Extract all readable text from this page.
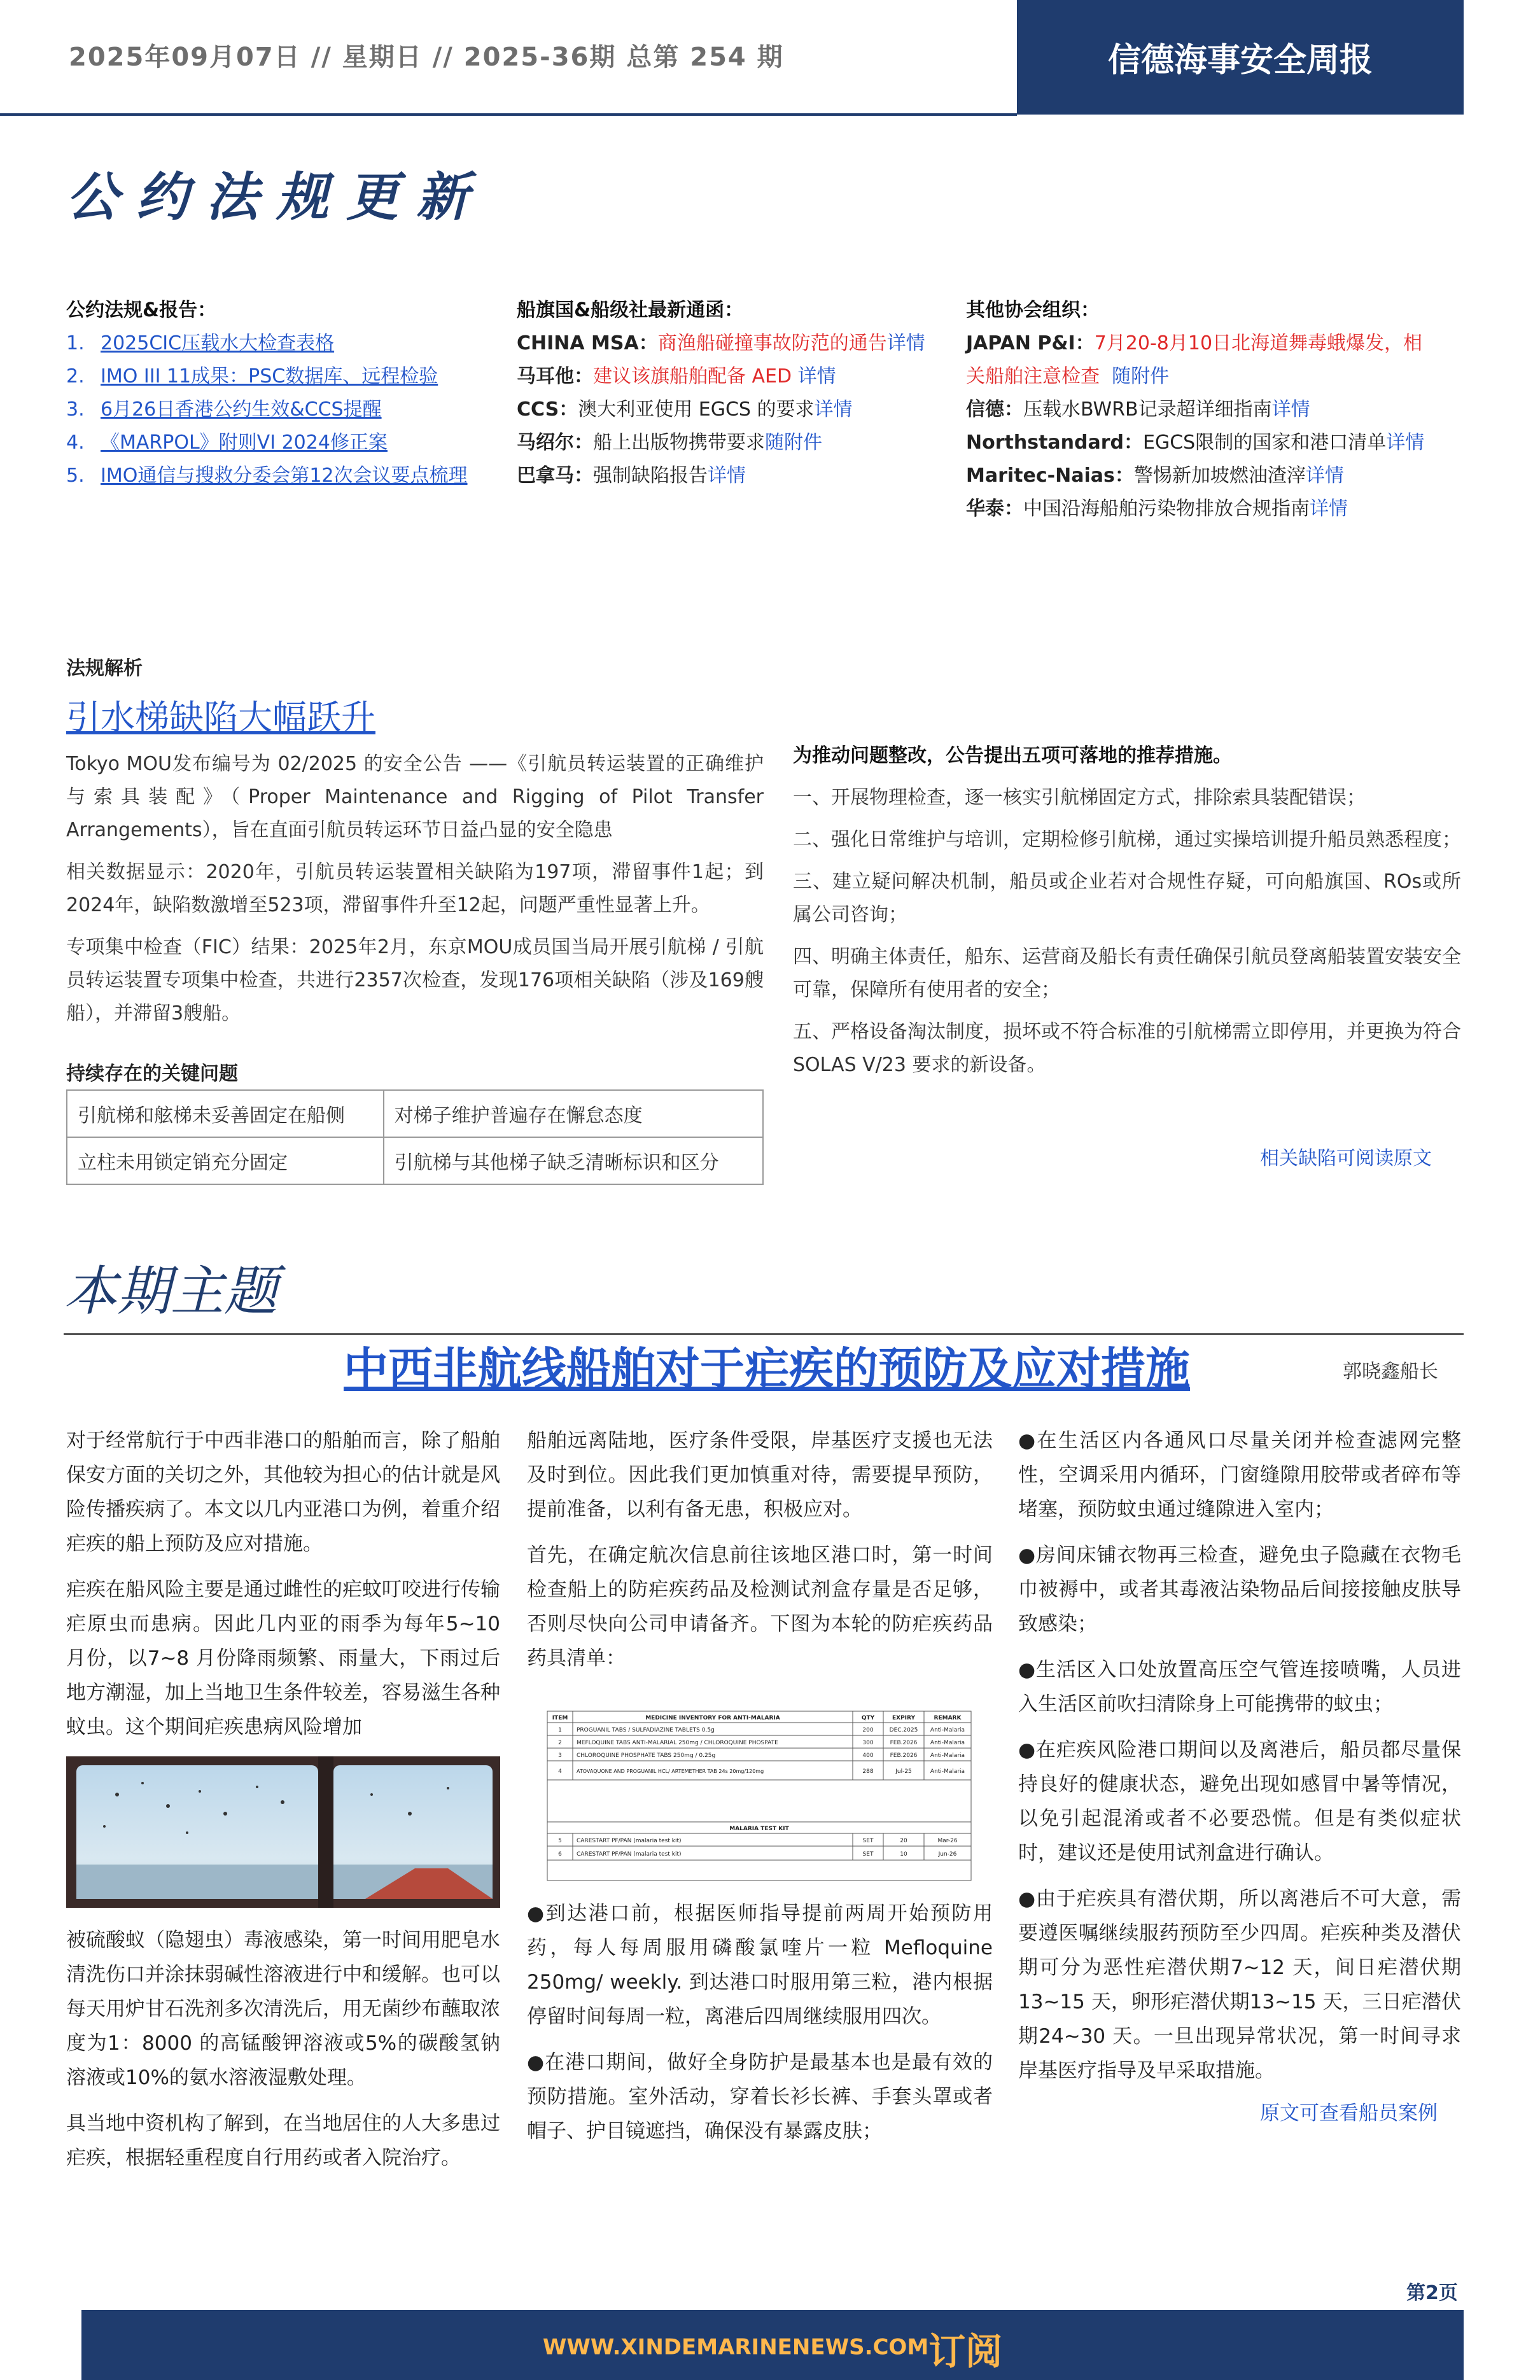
2025年09月07日 // 星期日 // 2025-36期 总第 254 期	信德海事安全周报
公约法规更新
公约法规&报告：
1. 2025CIC压载水大检查表格
2. IMO III 11成果：PSC数据库、远程检验
3. 6月26日香港公约生效&CCS提醒
4. 《MARPOL》附则VI 2024修正案
5. IMO通信与搜救分委会第12次会议要点梳理
船旗国&船级社最新通函：
CHINA MSA：商渔船碰撞事故防范的通告详情
马耳他：建议该旗船舶配备 AED 详情
CCS：澳大利亚使用 EGCS 的要求详情
马绍尔：船上出版物携带要求随附件
巴拿马：强制缺陷报告详情
其他协会组织：
JAPAN P&I：7月20-8月10日北海道舞毒蛾爆发，相
关船舶注意检查 随附件
信德：压载水BWRB记录超详细指南详情
Northstandard：EGCS限制的国家和港口清单详情
Maritec-Naias：警惕新加坡燃油渣滓详情
华泰：中国沿海船舶污染物排放合规指南详情
法规解析
引水梯缺陷大幅跃升

Tokyo MOU发布编号为 02/2025 的安全公告 ——《引航员转运装置的正确维护与索具装配》（Proper Maintenance and Rigging of Pilot Transfer Arrangements），旨在直面引航员转运环节日益凸显的安全隐患

相关数据显示：2020年，引航员转运装置相关缺陷为197项，滞留事件1起；到2024年，缺陷数激增至523项，滞留事件升至12起，问题严重性显著上升。

专项集中检查（FIC）结果：2025年2月，东京MOU成员国当局开展引航梯 / 引航员转运装置专项集中检查，共进行2357次检查，发现176项相关缺陷（涉及169艘船），并滞留3艘船。

持续存在的关键问题
引航梯和舷梯未妥善固定在船侧	对梯子维护普遍存在懈怠态度
立柱未用锁定销充分固定	引航梯与其他梯子缺乏清晰标识和区分
为推动问题整改，公告提出五项可落地的推荐措施。

一、开展物理检查，逐一核实引航梯固定方式，排除索具装配错误；

二、强化日常维护与培训，定期检修引航梯，通过实操培训提升船员熟悉程度；

三、建立疑问解决机制，船员或企业若对合规性存疑，可向船旗国、ROs或所属公司咨询；

四、明确主体责任，船东、运营商及船长有责任确保引航员登离船装置安装安全可靠，保障所有使用者的安全；

五、严格设备淘汰制度，损坏或不符合标准的引航梯需立即停用，并更换为符合 SOLAS V/23 要求的新设备。

相关缺陷可阅读原文
本期主题
中西非航线船舶对于疟疾的预防及应对措施	郭晓鑫船长

对于经常航行于中西非港口的船舶而言，除了船舶保安方面的关切之外，其他较为担心的估计就是风险传播疾病了。本文以几内亚港口为例，着重介绍疟疾的船上预防及应对措施。

疟疾在船风险主要是通过雌性的疟蚊叮咬进行传输疟原虫而患病。因此几内亚的雨季为每年5~10 月份，以7~8 月份降雨频繁、雨量大，下雨过后地方潮湿，加上当地卫生条件较差，容易滋生各种蚊虫。这个期间疟疾患病风险增加

被硫酸蚁（隐翅虫）毒液感染，第一时间用肥皂水清洗伤口并涂抹弱碱性溶液进行中和缓解。也可以每天用炉甘石洗剂多次清洗后，用无菌纱布蘸取浓度为1：8000 的高锰酸钾溶液或5%的碳酸氢钠溶液或10%的氨水溶液湿敷处理。

具当地中资机构了解到，在当地居住的人大多患过疟疾，根据轻重程度自行用药或者入院治疗。

船舶远离陆地，医疗条件受限，岸基医疗支援也无法及时到位。因此我们更加慎重对待，需要提早预防，提前准备，以利有备无患，积极应对。

首先，在确定航次信息前往该地区港口时，第一时间检查船上的防疟疾药品及检测试剂盒存量是否足够，否则尽快向公司申请备齐。下图为本轮的防疟疾药品药具清单：

ITEM	MEDICINE INVENTORY FOR ANTI-MALARIA	QTY	EXPIRY	REMARK
1	PROGUANIL TABS / SULFADIAZINE TABLETS 0.5g	200	DEC.2025 Anti-Malaria
2	MEFLOQUINE TABS ANTI-MALARIAL 250mg / CHLOROQUINE PHOSPATE	300	FEB.2026 Anti-Malaria
3	CHLOROQUINE PHOSPHATE TABS 250mg / 0.25g	400	FEB.2026 Anti-Malaria
4	ATOVAQUONE AND PROGUANIL HCL/ ARTEMETHER TAB 24s 20mg/120mg	288	Jul-25	Anti-Malaria
MALARIA TEST KIT
5	CARESTART PF/PAN (malaria test kit)	SET	20	Mar-26
6	CARESTART PF/PAN (malaria test kit)	SET	10	Jun-26

●到达港口前，根据医师指导提前两周开始预防用药，每人每周服用磷酸氯喹片一粒 Mefloquine 250mg/ weekly. 到达港口时服用第三粒，港内根据停留时间每周一粒，离港后四周继续服用四次。

●在港口期间，做好全身防护是最基本也是最有效的预防措施。室外活动，穿着长衫长裤、手套头罩或者帽子、护目镜遮挡，确保没有暴露皮肤；

●在生活区内各通风口尽量关闭并检查滤网完整性，空调采用内循环，门窗缝隙用胶带或者碎布等堵塞，预防蚊虫通过缝隙进入室内；

●房间床铺衣物再三检查，避免虫子隐藏在衣物毛巾被褥中，或者其毒液沾染物品后间接接触皮肤导致感染；

●生活区入口处放置高压空气管连接喷嘴，人员进入生活区前吹扫清除身上可能携带的蚊虫；

●在疟疾风险港口期间以及离港后，船员都尽量保持良好的健康状态，避免出现如感冒中暑等情况，以免引起混淆或者不必要恐慌。但是有类似症状时，建议还是使用试剂盒进行确认。

●由于疟疾具有潜伏期，所以离港后不可大意，需要遵医嘱继续服药预防至少四周。疟疾种类及潜伏期可分为恶性疟潜伏期7~12 天，间日疟潜伏期13~15 天，卵形疟潜伏期13~15 天，三日疟潜伏期24~30 天。一旦出现异常状况，第一时间寻求岸基医疗指导及早采取措施。

原文可查看船员案例
第2页
WWW.XINDEMARINENEWS.COM订阅
